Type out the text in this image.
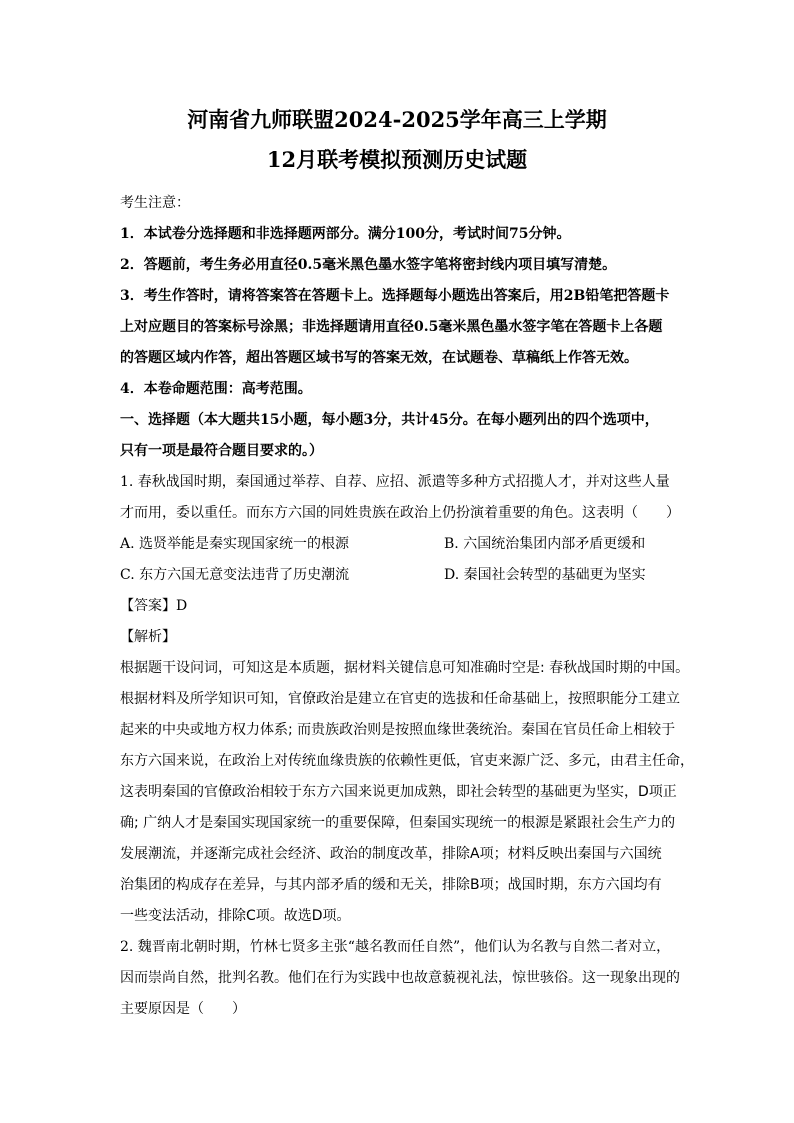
河南省九师联盟2024-2025学年高三上学期
12月联考模拟预测历史试题

考生注意：

1．本试卷分选择题和非选择题两部分。满分100分，考试时间75分钟。

2．答题前，考生务必用直径0.5毫米黑色墨水签字笔将密封线内项目填写清楚。

3．考生作答时，请将答案答在答题卡上。选择题每小题选出答案后，用2B铅笔把答题卡

上对应题目的答案标号涂黑；非选择题请用直径0.5毫米黑色墨水签字笔在答题卡上各题

的答题区域内作答，超出答题区域书写的答案无效，在试题卷、草稿纸上作答无效。

4．本卷命题范围：高考范围。

一、选择题（本大题共15小题，每小题3分，共计45分。在每小题列出的四个选项中，

只有一项是最符合题目要求的。）

1. 春秋战国时期，秦国通过举荐、自荐、应招、派遣等多种方式招揽人才，并对这些人量

才而用，委以重任。而东方六国的同姓贵族在政治上仍扮演着重要的角色。这表明（　　）

A. 选贤举能是秦实现国家统一的根源	B. 六国统治集团内部矛盾更缓和
C. 东方六国无意变法违背了历史潮流	D. 秦国社会转型的基础更为坚实

【答案】D

【解析】

根据题干设问词，可知这是本质题，据材料关键信息可知准确时空是: 春秋战国时期的中国。

根据材料及所学知识可知，官僚政治是建立在官吏的选拔和任命基础上，按照职能分工建立

起来的中央或地方权力体系; 而贵族政治则是按照血缘世袭统治。秦国在官员任命上相较于

东方六国来说，在政治上对传统血缘贵族的依赖性更低，官吏来源广泛、多元，由君主任命，

这表明秦国的官僚政治相较于东方六国来说更加成熟，即社会转型的基础更为坚实，D项正

确; 广纳人才是秦国实现国家统一的重要保障，但秦国实现统一的根源是紧跟社会生产力的

发展潮流，并逐渐完成社会经济、政治的制度改革，排除A项；材料反映出秦国与六国统

治集团的构成存在差异，与其内部矛盾的缓和无关，排除B项；战国时期，东方六国均有

一些变法活动，排除C项。故选D项。

2. 魏晋南北朝时期，竹林七贤多主张“越名教而任自然”，他们认为名教与自然二者对立，

因而崇尚自然，批判名教。他们在行为实践中也故意藐视礼法，惊世骇俗。这一现象出现的

主要原因是（　　）
